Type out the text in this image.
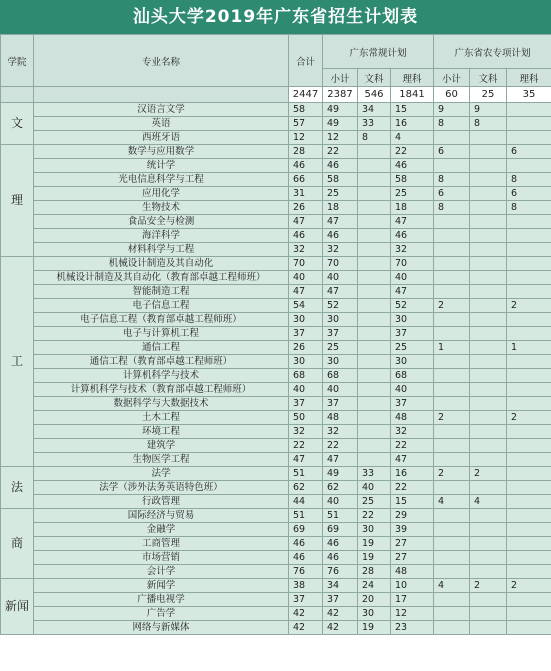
汕头大学2019年广东省招生计划表
学院	专业名称	合计	广东常规计划			广东省农专项计划		
			小计	文科	理科	小计	文科	理科
		2447	2387	546	1841	60	25	35
文	汉语言文学	58	49	34	15	9	9	
	英语	57	49	33	16	8	8	
	西班牙语	12	12	8	4			
理	数学与应用数学	28	22		22	6		6
	统计学	46	46		46			
	光电信息科学与工程	66	58		58	8		8
	应用化学	31	25		25	6		6
	生物技术	26	18		18	8		8
	食品安全与检测	47	47		47			
	海洋科学	46	46		46			
	材料科学与工程	32	32		32			
工	机械设计制造及其自动化	70	70		70			
	机械设计制造及其自动化（教育部卓越工程师班）	40	40		40			
	智能制造工程	47	47		47			
	电子信息工程	54	52		52	2		2
	电子信息工程（教育部卓越工程师班）	30	30		30			
	电子与计算机工程	37	37		37			
	通信工程	26	25		25	1		1
	通信工程（教育部卓越工程师班）	30	30		30			
	计算机科学与技术	68	68		68			
	计算机科学与技术（教育部卓越工程师班）	40	40		40			
	数据科学与大数据技术	37	37		37			
	土木工程	50	48		48	2		2
	环境工程	32	32		32			
	建筑学	22	22		22			
	生物医学工程	47	47		47			
法	法学	51	49	33	16	2	2	
	法学（涉外法务英语特色班）	62	62	40	22			
	行政管理	44	40	25	15	4	4	
商	国际经济与贸易	51	51	22	29			
	金融学	69	69	30	39			
	工商管理	46	46	19	27			
	市场营销	46	46	19	27			
	会计学	76	76	28	48			
新闻	新闻学	38	34	24	10	4	2	2
	广播电视学	37	37	20	17			
	广告学	42	42	30	12			
	网络与新媒体	42	42	19	23			
